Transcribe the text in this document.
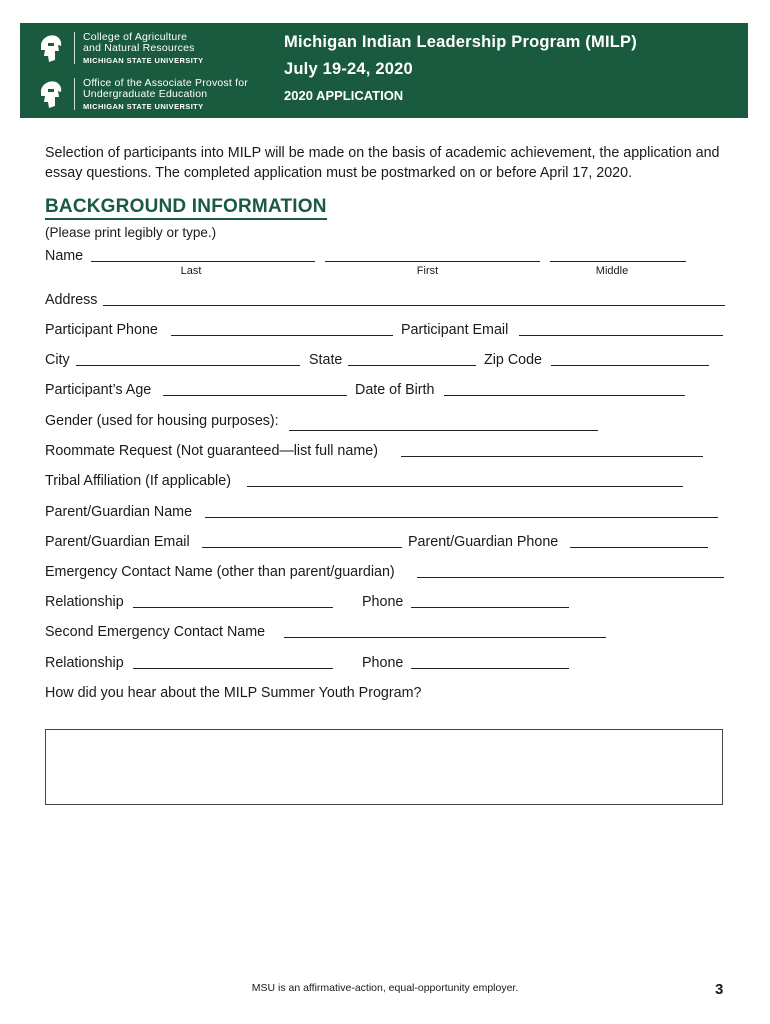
College of Agriculture
and Natural Resources
MICHIGAN STATE UNIVERSITY
Office of the Associate Provost for
Undergraduate Education
MICHIGAN STATE UNIVERSITY
Michigan Indian Leadership Program (MILP)
July 19-24, 2020
2020 APPLICATION
Selection of participants into MILP will be made on the basis of academic achievement, the application and essay questions. The completed application must be postmarked on or before April 17, 2020.
BACKGROUND INFORMATION
(Please print legibly or type.)
Name
Last	First	Middle
Address
Participant Phone	Participant Email
City	State	Zip Code
Participant’s Age	Date of Birth
Gender (used for housing purposes):
Roommate Request (Not guaranteed—list full name)
Tribal Affiliation (If applicable)
Parent/Guardian Name
Parent/Guardian Email	Parent/Guardian Phone
Emergency Contact Name (other than parent/guardian)
Relationship	Phone
Second Emergency Contact Name
Relationship	Phone
How did you hear about the MILP Summer Youth Program?
MSU is an affirmative-action, equal-opportunity employer.	3
